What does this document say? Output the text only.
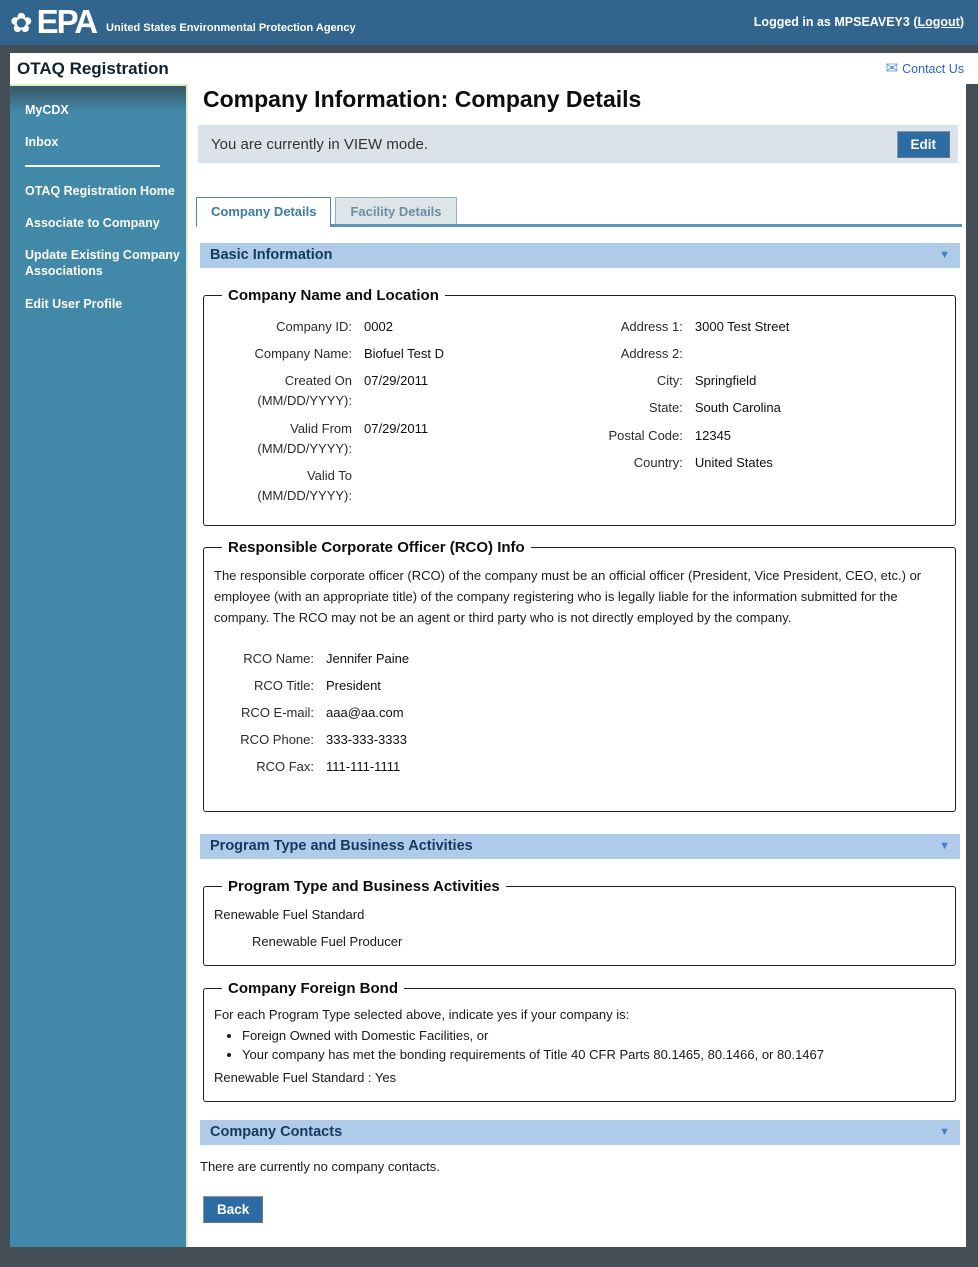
✿ EPA United States Environmental Protection Agency	Logged in as MPSEAVEY3 (Logout)
OTAQ Registration	✉ Contact Us
MyCDX
Inbox
OTAQ Registration Home
Associate to Company
Update Existing Company Associations
Edit User Profile
Company Information: Company Details
You are currently in VIEW mode.	Edit
Company Details	Facility Details
Basic Information	▼
Company Name and Location
Company ID: 0002
Company Name: Biofuel Test D
Created On
(MM/DD/YYYY):
07/29/2011
Valid From
(MM/DD/YYYY):
07/29/2011
Valid To
(MM/DD/YYYY):
Address 1: 3000 Test Street
Address 2:
City: Springfield
State: South Carolina
Postal Code: 12345
Country: United States
Responsible Corporate Officer (RCO) Info

The responsible corporate officer (RCO) of the company must be an official officer (President, Vice President, CEO, etc.) or employee (with an appropriate title) of the company registering who is legally liable for the information submitted for the company. The RCO may not be an agent or third party who is not directly employed by the company.

RCO Name: Jennifer Paine
RCO Title: President
RCO E-mail: aaa@aa.com
RCO Phone: 333-333-3333
RCO Fax: 111-111-1111
Program Type and Business Activities	▼
Program Type and Business Activities
Renewable Fuel Standard
Renewable Fuel Producer
Company Foreign Bond
For each Program Type selected above, indicate yes if your company is:
• Foreign Owned with Domestic Facilities, or
• Your company has met the bonding requirements of Title 40 CFR Parts 80.1465, 80.1466, or 80.1467
Renewable Fuel Standard : Yes
Company Contacts	▼
There are currently no company contacts.
Back
